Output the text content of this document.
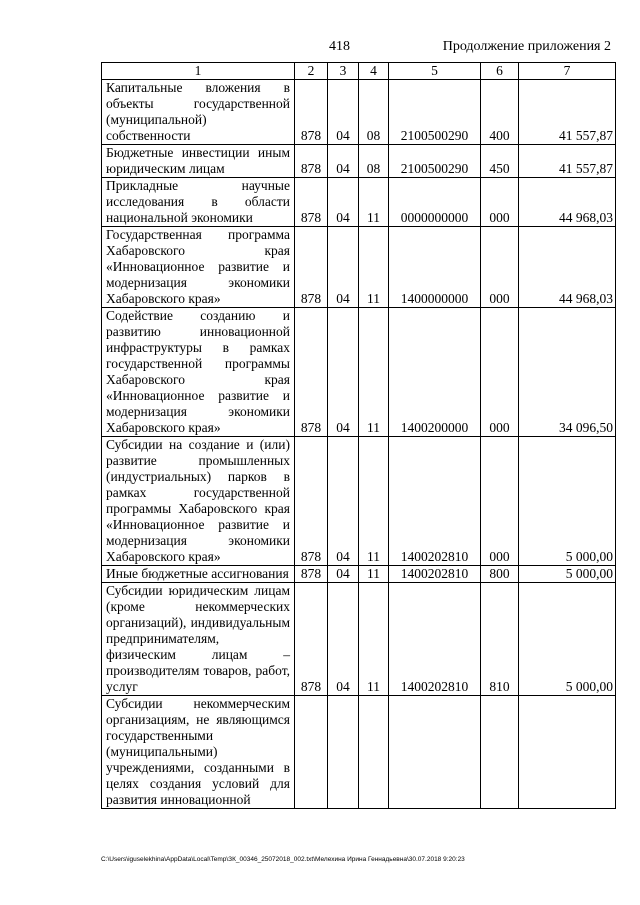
418	Продолжение приложения 2
1	2	3	4	5	6	7
Капитальные вложения в объекты государственной (муниципальной) собственности	878	04	08	2100500290	400	41 557,87
Бюджетные инвестиции иным юридическим лицам	878	04	08	2100500290	450	41 557,87
Прикладные научные исследования в области национальной экономики	878	04	11	0000000000	000	44 968,03
Государственная программа Хабаровского края «Инновационное развитие и модернизация экономики Хабаровского края»	878	04	11	1400000000	000	44 968,03
Содействие созданию и развитию инновационной инфраструктуры в рамках государственной программы Хабаровского края «Инновационное развитие и модернизация экономики Хабаровского края»	878	04	11	1400200000	000	34 096,50
Субсидии на создание и (или) развитие промышленных (индустриальных) парков в рамках государственной программы Хабаровского края «Инновационное развитие и модернизация экономики Хабаровского края»	878	04	11	1400202810	000	5 000,00
Иные бюджетные ассигнования	878	04	11	1400202810	800	5 000,00
Субсидии юридическим лицам (кроме некоммерческих организаций), индивидуальным предпринимателям, физическим лицам – производителям товаров, работ, услуг	878	04	11	1400202810	810	5 000,00
Субсидии некоммерческим организациям, не являющимся государственными (муниципальными) учреждениями, созданными в целях создания условий для развития инновационной						
C:\Users\iguselekhina\AppData\Local\Temp\ЗК_00346_25072018_002.txt\Мелехина Ирина Геннадьевна\30.07.2018 9:20:23
